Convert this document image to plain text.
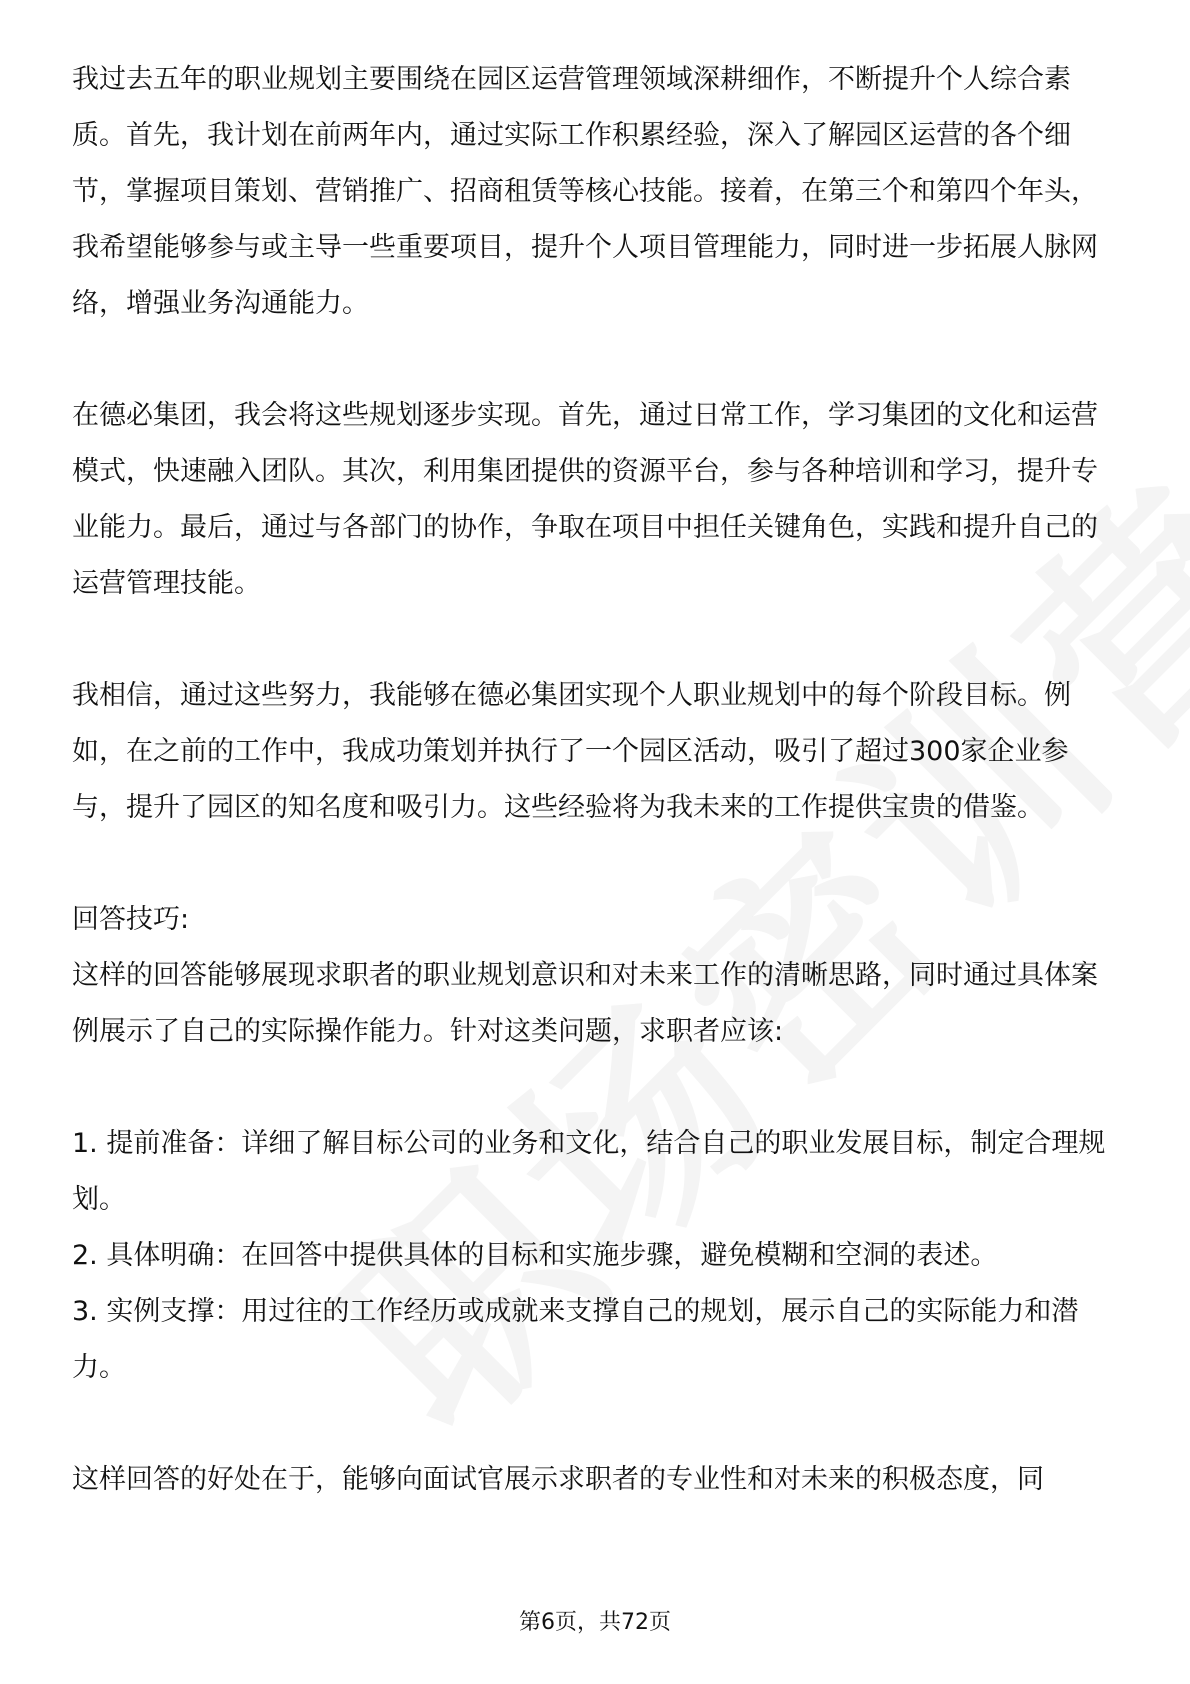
我过去五年的职业规划主要围绕在园区运营管理领域深耕细作，不断提升个人综合素质。首先，我计划在前两年内，通过实际工作积累经验，深入了解园区运营的各个细节，掌握项目策划、营销推广、招商租赁等核心技能。接着，在第三个和第四个年头，我希望能够参与或主导一些重要项目，提升个人项目管理能力，同时进一步拓展人脉网络，增强业务沟通能力。

在德必集团，我会将这些规划逐步实现。首先，通过日常工作，学习集团的文化和运营模式，快速融入团队。其次，利用集团提供的资源平台，参与各种培训和学习，提升专业能力。最后，通过与各部门的协作，争取在项目中担任关键角色，实践和提升自己的运营管理技能。

我相信，通过这些努力，我能够在德必集团实现个人职业规划中的每个阶段目标。例如，在之前的工作中，我成功策划并执行了一个园区活动，吸引了超过300家企业参与，提升了园区的知名度和吸引力。这些经验将为我未来的工作提供宝贵的借鉴。

回答技巧:

这样的回答能够展现求职者的职业规划意识和对未来工作的清晰思路，同时通过具体案例展示了自己的实际操作能力。针对这类问题，求职者应该:

1. 提前准备：详细了解目标公司的业务和文化，结合自己的职业发展目标，制定合理规划。

2. 具体明确：在回答中提供具体的目标和实施步骤，避免模糊和空洞的表述。

3. 实例支撑：用过往的工作经历或成就来支撑自己的规划，展示自己的实际能力和潜力。

这样回答的好处在于，能够向面试官展示求职者的专业性和对未来的积极态度，同

第6页，共72页
